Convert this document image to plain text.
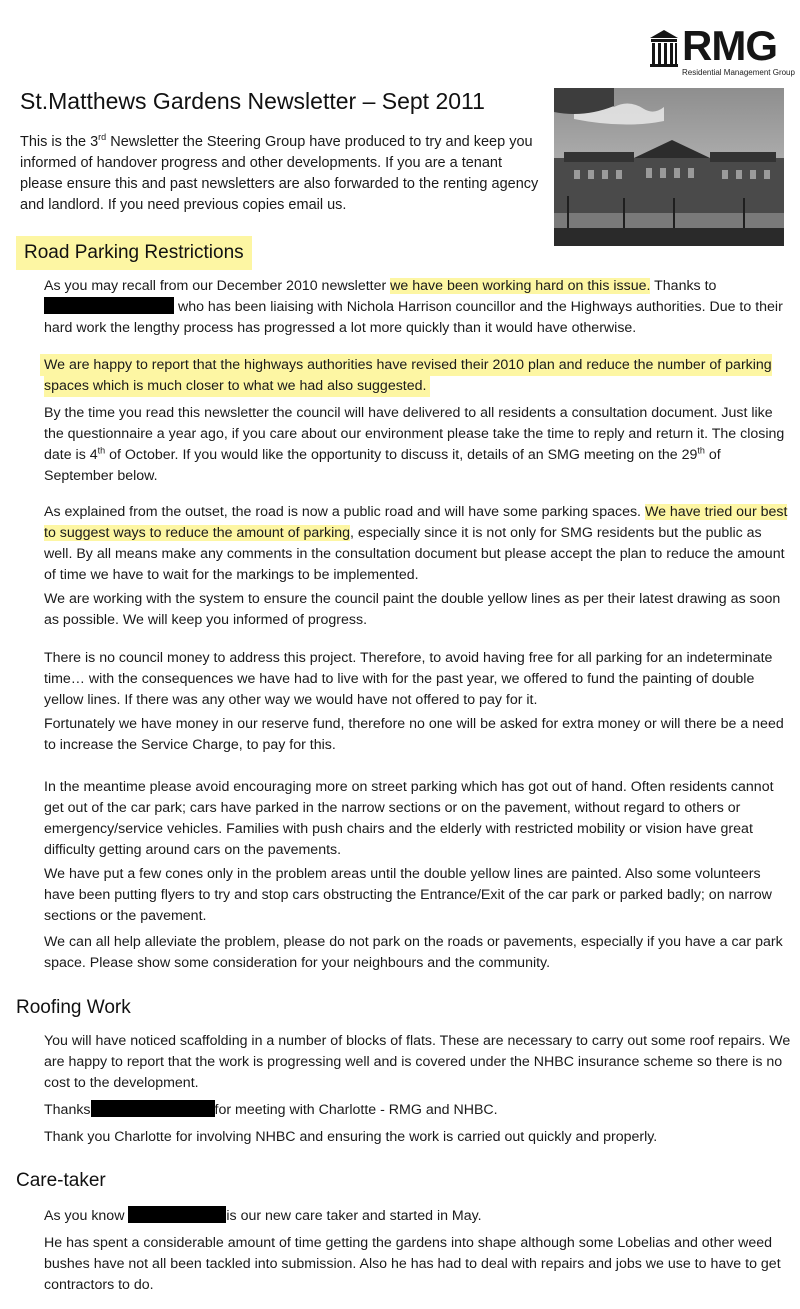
RMG
Residential Management Group
St.Matthews Gardens Newsletter – Sept 2011
This is the 3rd Newsletter the Steering Group have produced to try and keep you informed of handover progress and other developments. If you are a tenant please ensure this and past newsletters are also forwarded to the renting agency and landlord. If you need previous copies email us.
Road Parking Restrictions

As you may recall from our December 2010 newsletter we have been working hard on this issue. Thanks to
who has been liaising with Nichola Harrison councillor and the Highways authorities. Due to their hard work the lengthy process has progressed a lot more quickly than it would have otherwise.

We are happy to report that the highways authorities have revised their 2010 plan and reduce the number of parking spaces which is much closer to what we had also suggested.

By the time you read this newsletter the council will have delivered to all residents a consultation document. Just like the questionnaire a year ago, if you care about our environment please take the time to reply and return it. The closing date is 4th of October. If you would like the opportunity to discuss it, details of an SMG meeting on the 29th of September below.

As explained from the outset, the road is now a public road and will have some parking spaces. We have tried our best to suggest ways to reduce the amount of parking, especially since it is not only for SMG residents but the public as well. By all means make any comments in the consultation document but please accept the plan to reduce the amount of time we have to wait for the markings to be implemented.

We are working with the system to ensure the council paint the double yellow lines as per their latest drawing as soon as possible. We will keep you informed of progress.

There is no council money to address this project. Therefore, to avoid having free for all parking for an indeterminate time… with the consequences we have had to live with for the past year, we offered to fund the painting of double yellow lines. If there was any other way we would have not offered to pay for it.

Fortunately we have money in our reserve fund, therefore no one will be asked for extra money or will there be a need to increase the Service Charge, to pay for this.

In the meantime please avoid encouraging more on street parking which has got out of hand. Often residents cannot get out of the car park; cars have parked in the narrow sections or on the pavement, without regard to others or emergency/service vehicles. Families with push chairs and the elderly with restricted mobility or vision have great difficulty getting around cars on the pavements.

We have put a few cones only in the problem areas until the double yellow lines are painted. Also some volunteers have been putting flyers to try and stop cars obstructing the Entrance/Exit of the car park or parked badly; on narrow sections or the pavement.

We can all help alleviate the problem, please do not park on the roads or pavements, especially if you have a car park space. Please show some consideration for your neighbours and the community.

Roofing Work

You will have noticed scaffolding in a number of blocks of flats. These are necessary to carry out some roof repairs. We are happy to report that the work is progressing well and is covered under the NHBC insurance scheme so there is no cost to the development.

Thanks	for meeting with Charlotte - RMG and NHBC.

Thank you Charlotte for involving NHBC and ensuring the work is carried out quickly and properly.

Care-taker

As you know	is our new care taker and started in May.

He has spent a considerable amount of time getting the gardens into shape although some Lobelias and other weed bushes have not all been tackled into submission. Also he has had to deal with repairs and jobs we use to have to get contractors to do.
